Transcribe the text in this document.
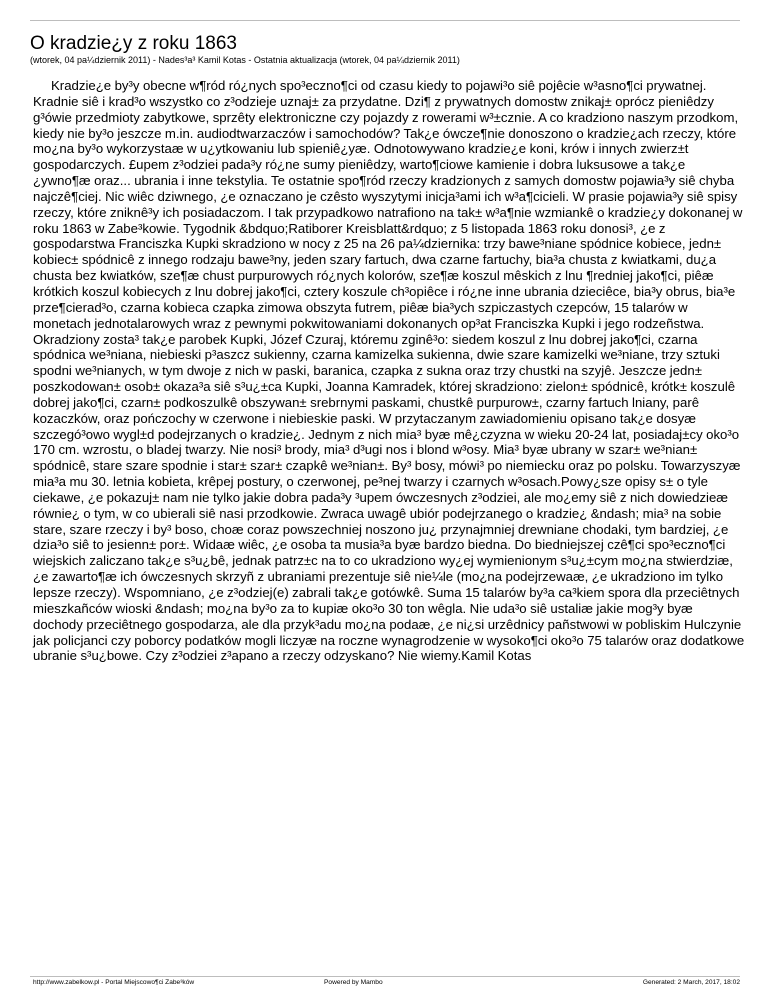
O kradzie¿y z roku 1863
(wtorek, 04 pa¼dziernik 2011) - Nades³a³ Kamil Kotas - Ostatnia aktualizacja (wtorek, 04 pa¼dziernik 2011)

Kradzie¿e by³y obecne w¶ród ró¿nych spo³eczno¶ci od czasu kiedy to pojawi³o siê pojêcie w³asno¶ci prywatnej. Kradnie siê i krad³o wszystko co z³odzieje uznaj± za przydatne. Dzi¶ z prywatnych domostw znikaj± oprócz pieniêdzy g³ówie przedmioty zabytkowe, sprzêty elektroniczne czy pojazdy z rowerami w³±cznie. A co kradziono naszym przodkom, kiedy nie by³o jeszcze m.in. audiodtwarzaczów i samochodów? Tak¿e ówcze¶nie donoszono o kradzie¿ach rzeczy, które mo¿na by³o wykorzystaæ w u¿ytkowaniu lub spieniê¿yæ. Odnotowywano kradzie¿e koni, krów i innych zwierz±t gospodarczych. £upem z³odziei pada³y ró¿ne sumy pieniêdzy, warto¶ciowe kamienie i dobra luksusowe a tak¿e ¿ywno¶æ oraz... ubrania i inne tekstylia. Te ostatnie spo¶ród rzeczy kradzionych z samych domostw pojawia³y siê chyba najczê¶ciej. Nic wiêc dziwnego, ¿e oznaczano je czêsto wyszytymi inicja³ami ich w³a¶cicieli. W prasie pojawia³y siê spisy rzeczy, które zniknê³y ich posiadaczom. I tak przypadkowo natrafiono na tak± w³a¶nie wzmiankê o kradzie¿y dokonanej w roku 1863 w Zabe³kowie. Tygodnik &bdquo;Ratiborer Kreisblatt&rdquo; z 5 listopada 1863 roku donosi³, ¿e z gospodarstwa Franciszka Kupki skradziono w nocy z 25 na 26 pa¼dziernika: trzy bawe³niane spódnice kobiece, jedn± kobiec± spódnicê z innego rodzaju bawe³ny, jeden szary fartuch, dwa czarne fartuchy, bia³a chusta z kwiatkami, du¿a chusta bez kwiatków, sze¶æ chust purpurowych ró¿nych kolorów, sze¶æ koszul mêskich z lnu ¶redniej jako¶ci, piêæ krótkich koszul kobiecych z lnu dobrej jako¶ci, cztery koszule ch³opiêce i ró¿ne inne ubrania dzieciêce, bia³y obrus, bia³e prze¶cierad³o, czarna kobieca czapka zimowa obszyta futrem, piêæ bia³ych szpiczastych czepców, 15 talarów w monetach jednotalarowych wraz z pewnymi pokwitowaniami dokonanych op³at Franciszka Kupki i jego rodzeñstwa. Okradziony zosta³ tak¿e parobek Kupki, Józef Czuraj, któremu zginê³o: siedem koszul z lnu dobrej jako¶ci, czarna spódnica we³niana, niebieski p³aszcz sukienny, czarna kamizelka sukienna, dwie szare kamizelki we³niane, trzy sztuki spodni we³nianych, w tym dwoje z nich w paski, baranica, czapka z sukna oraz trzy chustki na szyjê. Jeszcze jedn± poszkodowan± osob± okaza³a siê s³u¿±ca Kupki, Joanna Kamradek, której skradziono: zielon± spódnicê, krótk± koszulê dobrej jako¶ci, czarn± podkoszulkê obszywan± srebrnymi paskami, chustkê purpurow±, czarny fartuch lniany, parê kozaczków, oraz pończochy w czerwone i niebieskie paski. W przytaczanym zawiadomieniu opisano tak¿e dosyæ szczegó³owo wygl±d podejrzanych o kradzie¿. Jednym z nich mia³ byæ mê¿czyzna w wieku 20-24 lat, posiadaj±cy oko³o 170 cm. wzrostu, o bladej twarzy. Nie nosi³ brody, mia³ d³ugi nos i blond w³osy. Mia³ byæ ubrany w szar± we³nian± spódnicê, stare szare spodnie i star± szar± czapkê we³nian±. By³ bosy, mówi³ po niemiecku oraz po polsku. Towarzyszyæ mia³a mu 30. letnia kobieta, krêpej postury, o czerwonej, pe³nej twarzy i czarnych w³osach.Powy¿sze opisy s± o tyle ciekawe, ¿e pokazuj± nam nie tylko jakie dobra pada³y ³upem ówczesnych z³odziei, ale mo¿emy siê z nich dowiedzieæ równie¿ o tym, w co ubierali siê nasi przodkowie. Zwraca uwagê ubiór podejrzanego o kradzie¿ &ndash; mia³ na sobie stare, szare rzeczy i by³ boso, choæ coraz powszechniej noszono ju¿ przynajmniej drewniane chodaki, tym bardziej, ¿e dzia³o siê to jesienn± por±. Widaæ wiêc, ¿e osoba ta musia³a byæ bardzo biedna. Do biedniejszej czê¶ci spo³eczno¶ci wiejskich zaliczano tak¿e s³u¿bê, jednak patrz±c na to co ukradziono wy¿ej wymienionym s³u¿±cym mo¿na stwierdziæ, ¿e zawarto¶æ ich ówczesnych skrzyñ z ubraniami prezentuje siê nie¼le (mo¿na podejrzewaæ, ¿e ukradziono im tylko lepsze rzeczy). Wspomniano, ¿e z³odziej(e) zabrali tak¿e gotówkê. Suma 15 talarów by³a ca³kiem spora dla przeciêtnych mieszkañców wioski &ndash; mo¿na by³o za to kupiæ oko³o 30 ton wêgla. Nie uda³o siê ustaliæ jakie mog³y byæ dochody przeciêtnego gospodarza, ale dla przyk³adu mo¿na podaæ, ¿e ni¿si urzêdnicy pañstwowi w pobliskim Hulczynie jak policjanci czy poborcy podatków mogli liczyæ na roczne wynagrodzenie w wysoko¶ci oko³o 75 talarów oraz dodatkowe ubranie s³u¿bowe. Czy z³odziei z³apano a rzeczy odzyskano? Nie wiemy.Kamil Kotas

http://www.zabelkow.pl - Portal Miejscowo¶ci Zabe³ków	Powered by Mambo	Generated: 2 March, 2017, 18:02
